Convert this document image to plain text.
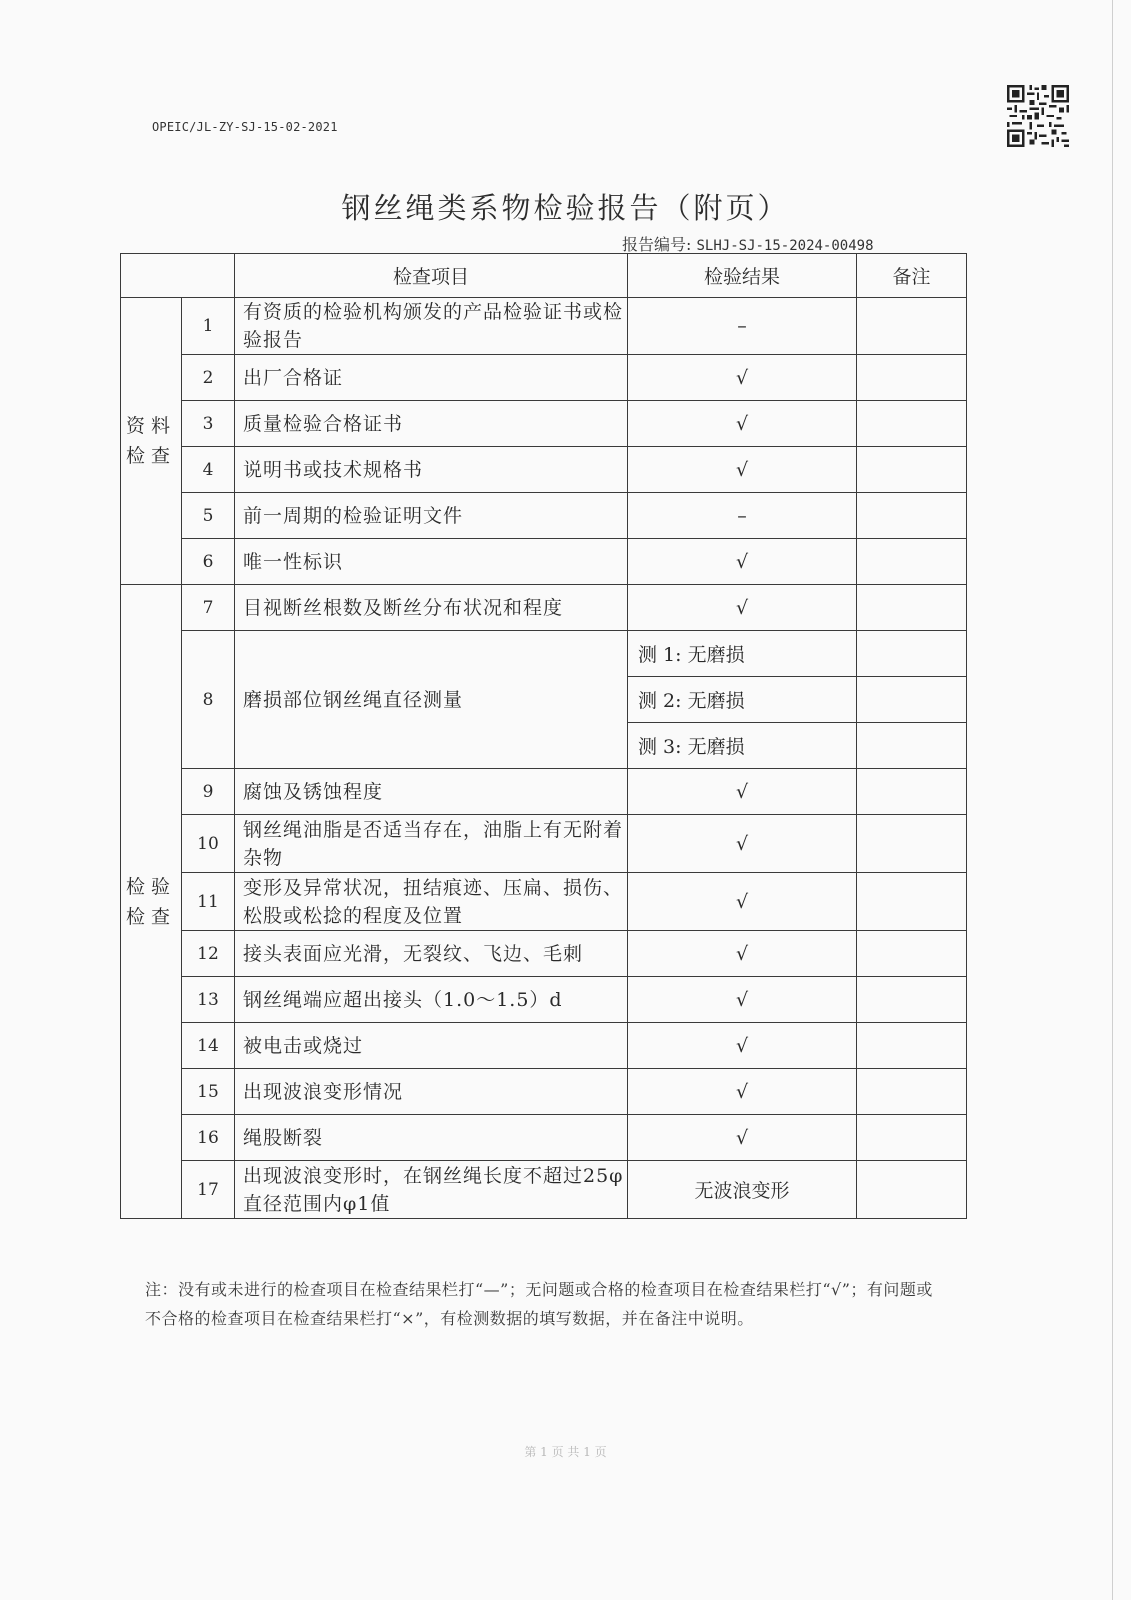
OPEIC/JL-ZY-SJ-15-02-2021
钢丝绳类系物检验报告（附页）
报告编号: SLHJ-SJ-15-2024-00498
		检查项目	检验结果	备注
资料检查	1	有资质的检验机构颁发的产品检验证书或检验报告	–	
	2	出厂合格证	√	
	3	质量检验合格证书	√	
	4	说明书或技术规格书	√	
	5	前一周期的检验证明文件	–	
	6	唯一性标识	√	
检验检查	7	目视断丝根数及断丝分布状况和程度	√	
	8	磨损部位钢丝绳直径测量	测 1: 无磨损	
			测 2: 无磨损	
			测 3: 无磨损	
	9	腐蚀及锈蚀程度	√	
	10	钢丝绳油脂是否适当存在，油脂上有无附着杂物	√	
	11	变形及异常状况，扭结痕迹、压扁、损伤、松股或松捻的程度及位置	√	
	12	接头表面应光滑，无裂纹、飞边、毛刺	√	
	13	钢丝绳端应超出接头（1.0～1.5）d	√	
	14	被电击或烧过	√	
	15	出现波浪变形情况	√	
	16	绳股断裂	√	
	17	出现波浪变形时，在钢丝绳长度不超过25φ直径范围内φ1值	无波浪变形	
注：没有或未进行的检查项目在检查结果栏打“—”；无问题或合格的检查项目在检查结果栏打“√”；有问题或不合格的检查项目在检查结果栏打“×”，有检测数据的填写数据，并在备注中说明。
第 1 页 共 1 页
